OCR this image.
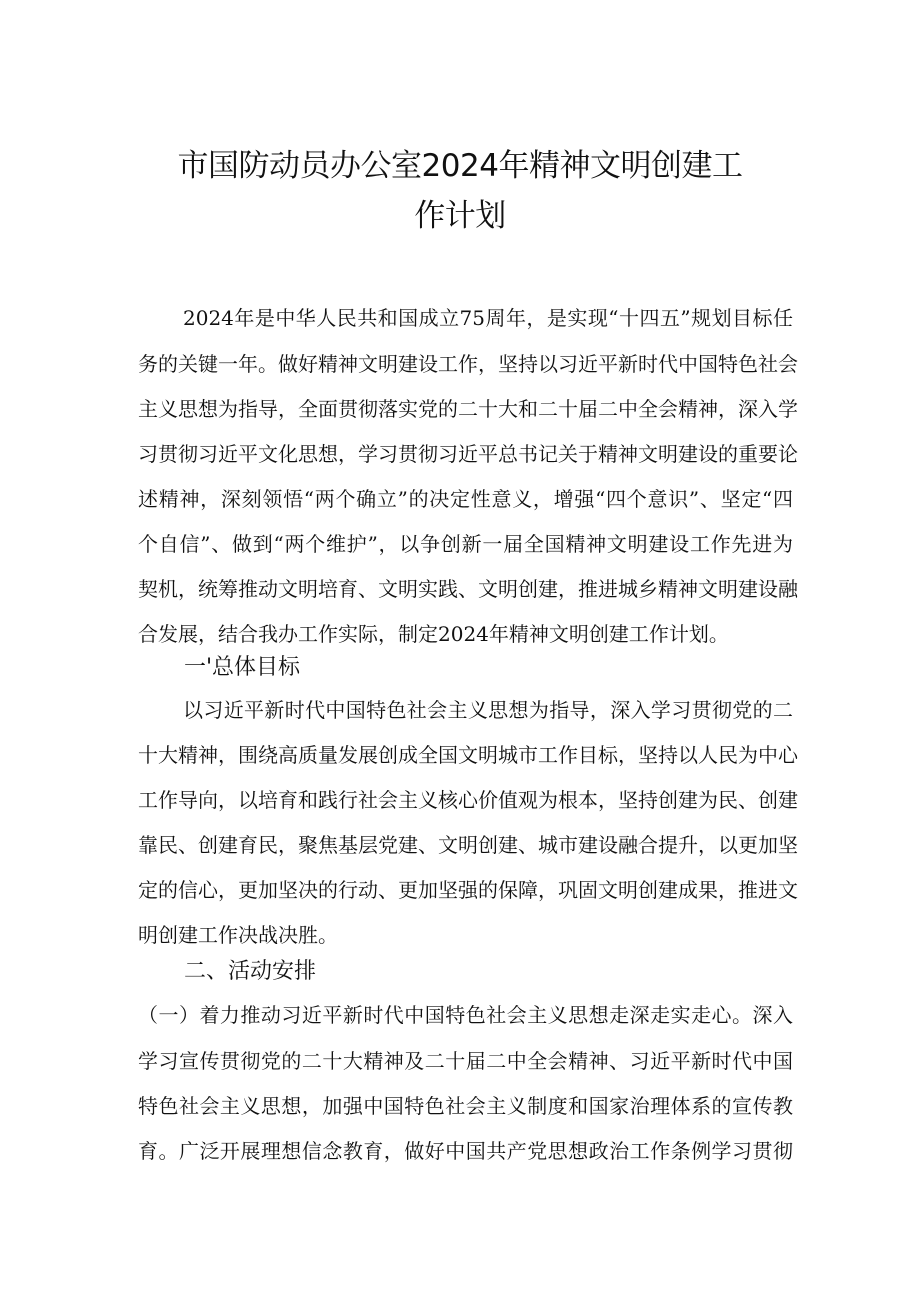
市国防动员办公室2024年精神文明创建工
作计划
2024年是中华人民共和国成立75周年，是实现“十四五”规划目标任
务的关键一年。做好精神文明建设工作，坚持以习近平新时代中国特色社会
主义思想为指导，全面贯彻落实党的二十大和二十届二中全会精神，深入学
习贯彻习近平文化思想，学习贯彻习近平总书记关于精神文明建设的重要论
述精神，深刻领悟“两个确立”的决定性意义，增强“四个意识”、坚定“四
个自信”、做到“两个维护”，以争创新一届全国精神文明建设工作先进为
契机，统筹推动文明培育、文明实践、文明创建，推进城乡精神文明建设融
合发展，结合我办工作实际，制定2024年精神文明创建工作计划。
一'总体目标
以习近平新时代中国特色社会主义思想为指导，深入学习贯彻党的二
十大精神，围绕高质量发展创成全国文明城市工作目标，坚持以人民为中心
工作导向，以培育和践行社会主义核心价值观为根本，坚持创建为民、创建
靠民、创建育民，聚焦基层党建、文明创建、城市建设融合提升，以更加坚
定的信心，更加坚决的行动、更加坚强的保障，巩固文明创建成果，推进文
明创建工作决战决胜。
二、活动安排
（一）着力推动习近平新时代中国特色社会主义思想走深走实走心。深入
学习宣传贯彻党的二十大精神及二十届二中全会精神、习近平新时代中国
特色社会主义思想，加强中国特色社会主义制度和国家治理体系的宣传教
育。广泛开展理想信念教育，做好中国共产党思想政治工作条例学习贯彻
